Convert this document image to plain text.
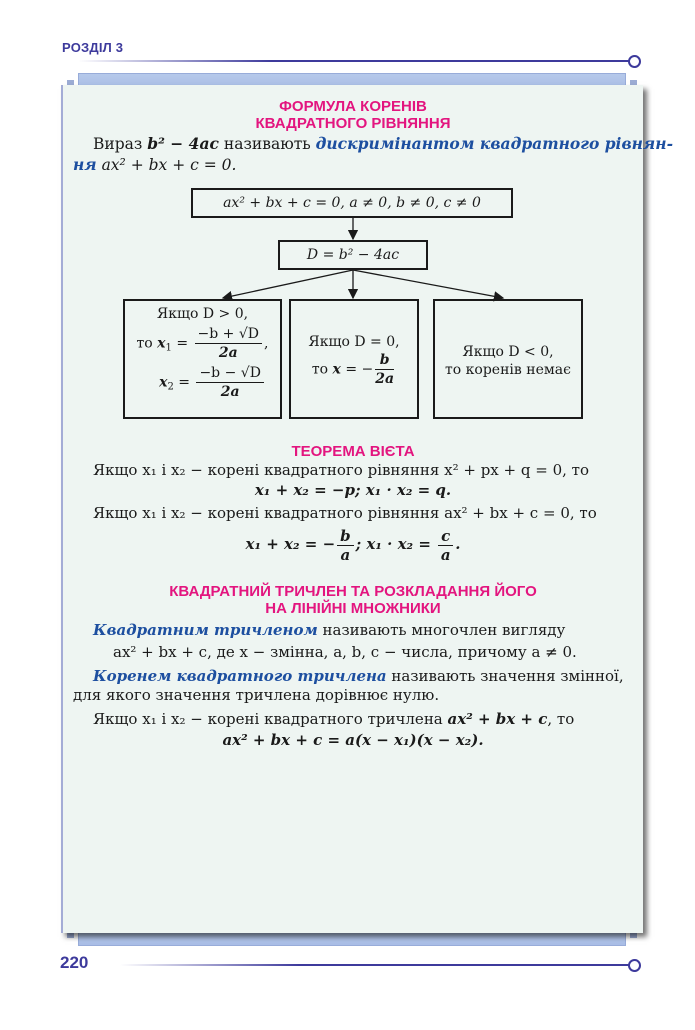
РОЗДІЛ 3
ФОРМУЛА КОРЕНІВ
КВАДРАТНОГО РІВНЯННЯ
Вираз b² − 4ac називають дискримінантом квадратного рівнян-
ня ax² + bx + c = 0.
ax² + bx + c = 0, a ≠ 0, b ≠ 0, c ≠ 0
D = b² − 4ac
Якщо D > 0,
то $x_1 = \frac{-b + √D}{2a}$ ,
$x_2 = \frac{-b - √D}{2a}$
Якщо D = 0,
то x = − $\frac{b}{2a}$	Якщо D < 0,
то коренів немає
ТЕОРЕМА ВІЄТА
Якщо x₁ і x₂ − корені квадратного рівняння x² + px + q = 0, то
x₁ + x₂ = −p; x₁ · x₂ = q.
Якщо x₁ і x₂ − корені квадратного рівняння ax² + bx + c = 0, то
x₁ + x₂ = − $\frac{b}{a}$ ; $x_1 \cdot x_2 = \frac{c}{a}$ .
КВАДРАТНИЙ ТРИЧЛЕН ТА РОЗКЛАДАННЯ ЙОГО
НА ЛІНІЙНІ МНОЖНИКИ
Квадратним тричленом називають многочлен вигляду
ax² + bx + c, де x − змінна, a, b, c − числа, причому a ≠ 0.
Коренем квадратного тричлена називають значення змінної,
для якого значення тричлена дорівнює нулю.
Якщо x₁ і x₂ − корені квадратного тричлена ax² + bx + c, то
ax² + bx + c = a(x − x₁)(x − x₂).
220
